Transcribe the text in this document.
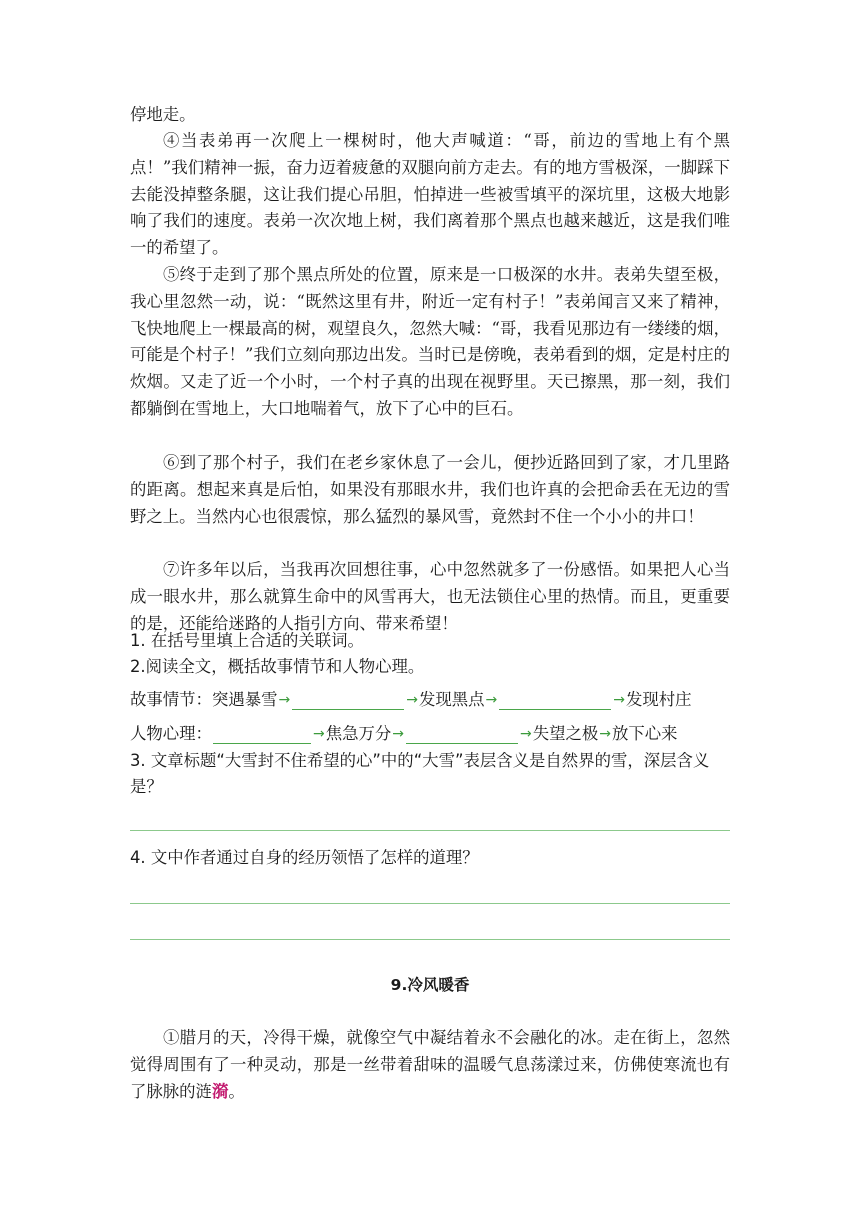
停地走。

④当表弟再一次爬上一棵树时，他大声喊道：“哥，前边的雪地上有个黑点！”我们精神一振，奋力迈着疲惫的双腿向前方走去。有的地方雪极深，一脚踩下去能没掉整条腿，这让我们提心吊胆，怕掉进一些被雪填平的深坑里，这极大地影响了我们的速度。表弟一次次地上树，我们离着那个黑点也越来越近，这是我们唯一的希望了。

⑤终于走到了那个黑点所处的位置，原来是一口极深的水井。表弟失望至极，我心里忽然一动，说：“既然这里有井，附近一定有村子！”表弟闻言又来了精神，飞快地爬上一棵最高的树，观望良久，忽然大喊：“哥，我看见那边有一缕缕的烟，可能是个村子！”我们立刻向那边出发。当时已是傍晚，表弟看到的烟，定是村庄的炊烟。又走了近一个小时，一个村子真的出现在视野里。天已擦黑，那一刻，我们都躺倒在雪地上，大口地喘着气，放下了心中的巨石。

⑥到了那个村子，我们在老乡家休息了一会儿，便抄近路回到了家，才几里路的距离。想起来真是后怕，如果没有那眼水井，我们也许真的会把命丢在无边的雪野之上。当然内心也很震惊，那么猛烈的暴风雪，竟然封不住一个小小的井口！

⑦许多年以后，当我再次回想往事，心中忽然就多了一份感悟。如果把人心当成一眼水井，那么就算生命中的风雪再大，也无法锁住心里的热情。而且，更重要的是，还能给迷路的人指引方向、带来希望！

1. 在括号里填上合适的关联词。

2.阅读全文，概括故事情节和人物心理。

故事情节： 突遇暴雪 →	→ 发现黑点 →	→ 发现村庄
人物心理：	→ 焦急万分 →	→ 失望之极 → 放下心来

3. 文章标题“大雪封不住希望的心”中的“大雪”表层含义是自然界的雪，深层含义是？

4. 文中作者通过自身的经历领悟了怎样的道理？

9.冷风暖香

①腊月的天，冷得干燥，就像空气中凝结着永不会融化的冰。走在街上，忽然觉得周围有了一种灵动，那是一丝带着甜味的温暖气息荡漾过来，仿佛使寒流也有了脉脉的涟漪。
